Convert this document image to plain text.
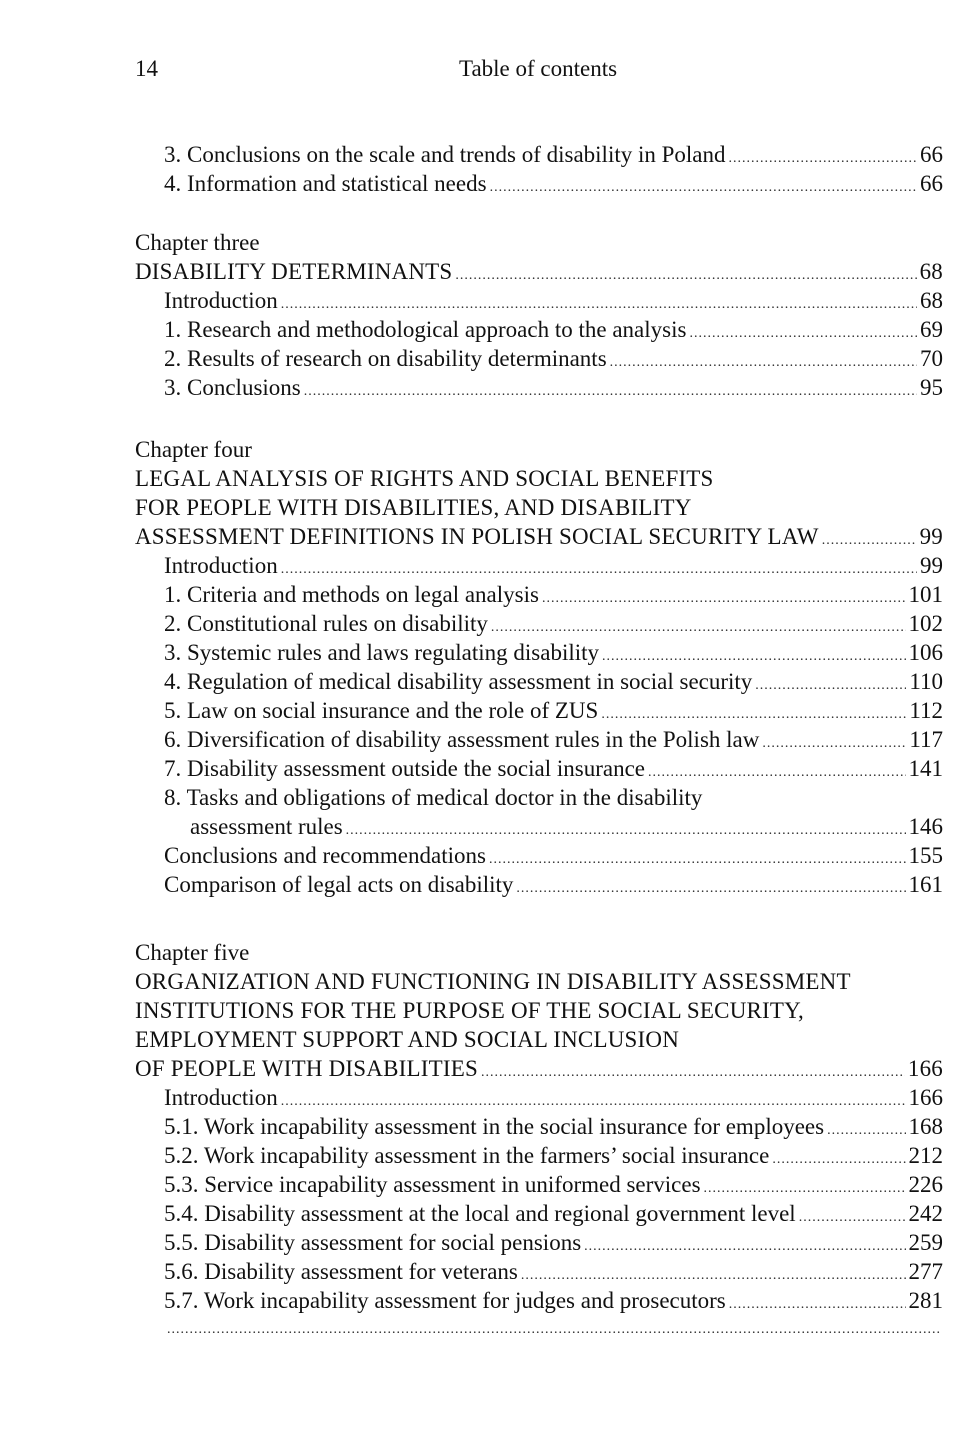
14	Table of contents
3. Conclusions on the scale and trends of disability in Poland .....	66
4. Information and statistical needs .....	66
Chapter three
DISABILITY DETERMINANTS .....	68
Introduction .....	68
1. Research and methodological approach to the analysis .....	69
2. Results of research on disability determinants .....	70
3. Conclusions .....	95
Chapter four
LEGAL ANALYSIS OF RIGHTS AND SOCIAL BENEFITS
FOR PEOPLE WITH DISABILITIES, AND DISABILITY
ASSESSMENT DEFINITIONS IN POLISH SOCIAL SECURITY LAW .....	99
Introduction .....	99
1. Criteria and methods on legal analysis .....	101
2. Constitutional rules on disability .....	102
3. Systemic rules and laws regulating disability .....	106
4. Regulation of medical disability assessment in social security .....	110
5. Law on social insurance and the role of ZUS .....	112
6. Diversification of disability assessment rules in the Polish law .....	117
7. Disability assessment outside the social insurance .....	141
8. Tasks and obligations of medical doctor in the disability
assessment rules .....	146
Conclusions and recommendations .....	155
Comparison of legal acts on disability .....	161
Chapter five
ORGANIZATION AND FUNCTIONING IN DISABILITY ASSESSMENT
INSTITUTIONS FOR THE PURPOSE OF THE SOCIAL SECURITY,
EMPLOYMENT SUPPORT AND SOCIAL INCLUSION
OF PEOPLE WITH DISABILITIES .....	166
Introduction .....	166
5.1. Work incapability assessment in the social insurance for employees .....	168
5.2. Work incapability assessment in the farmers’ social insurance .....	212
5.3. Service incapability assessment in uniformed services .....	226
5.4. Disability assessment at the local and regional government level .....	242
5.5. Disability assessment for social pensions .....	259
5.6. Disability assessment for veterans .....	277
5.7. Work incapability assessment for judges and prosecutors .....	281
.....
